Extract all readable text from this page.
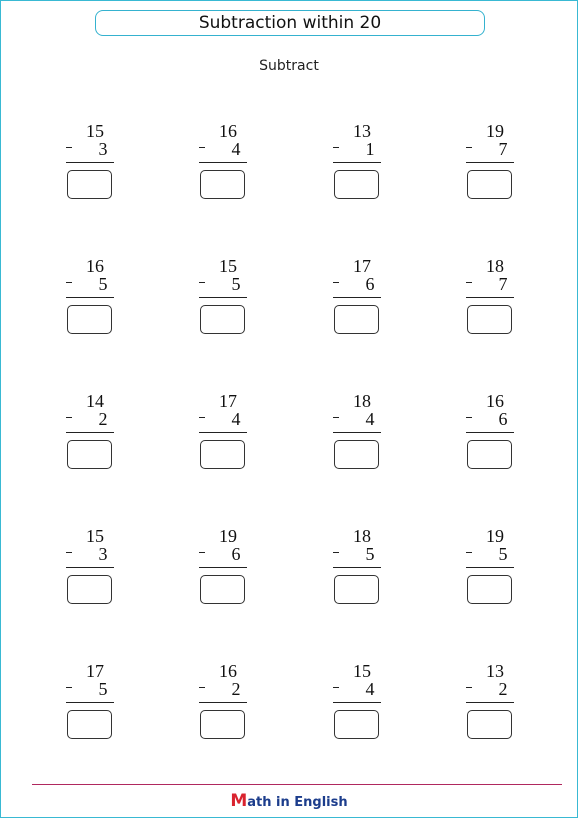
Subtraction within 20
Subtract
15
3
16
4
13
1
19
7
16
5
15
5
17
6
18
7
14
2
17
4
18
4
16
6
15
3
19
6
18
5
19
5
17
5
16
2
15
4
13
2
Math in English
